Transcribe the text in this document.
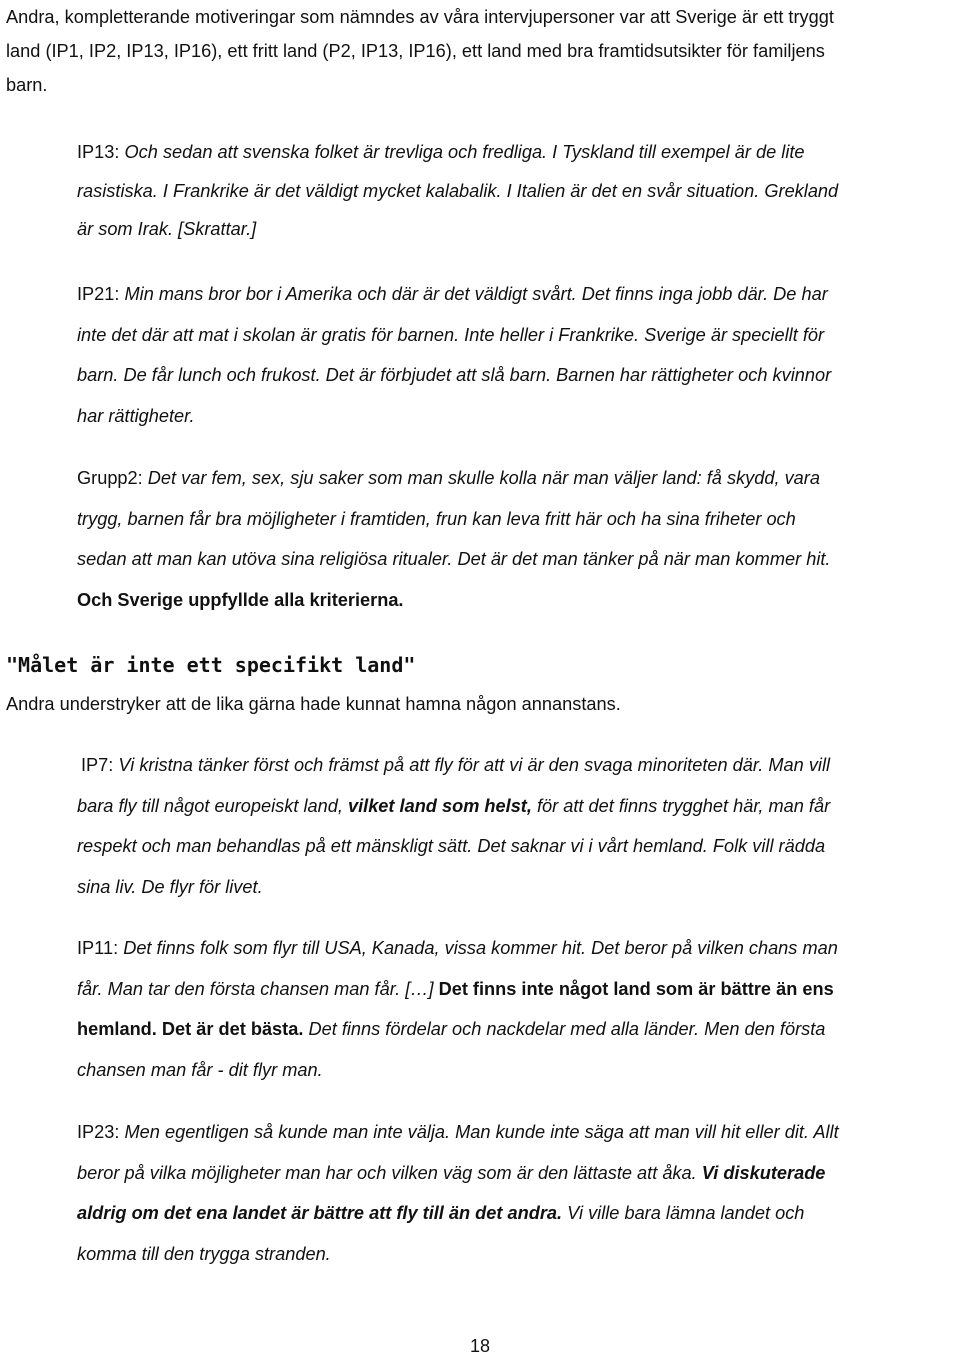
Andra, kompletterande motiveringar som nämndes av våra intervjupersoner var att Sverige är ett tryggt
land (IP1, IP2, IP13, IP16), ett fritt land (P2, IP13, IP16), ett land med bra framtidsutsikter för familjens
barn.
IP13: Och sedan att svenska folket är trevliga och fredliga. I Tyskland till exempel är de lite
rasistiska. I Frankrike är det väldigt mycket kalabalik. I Italien är det en svår situation. Grekland
är som Irak. [Skrattar.]
IP21: Min mans bror bor i Amerika och där är det väldigt svårt. Det finns inga jobb där. De har
inte det där att mat i skolan är gratis för barnen. Inte heller i Frankrike. Sverige är speciellt för
barn. De får lunch och frukost. Det är förbjudet att slå barn. Barnen har rättigheter och kvinnor
har rättigheter.
Grupp2: Det var fem, sex, sju saker som man skulle kolla när man väljer land: få skydd, vara
trygg, barnen får bra möjligheter i framtiden, frun kan leva fritt här och ha sina friheter och
sedan att man kan utöva sina religiösa ritualer. Det är det man tänker på när man kommer hit.
Och Sverige uppfyllde alla kriterierna.
"Målet är inte ett specifikt land"
Andra understryker att de lika gärna hade kunnat hamna någon annanstans.
IP7: Vi kristna tänker först och främst på att fly för att vi är den svaga minoriteten där. Man vill
bara fly till något europeiskt land, vilket land som helst, för att det finns trygghet här, man får
respekt och man behandlas på ett mänskligt sätt. Det saknar vi i vårt hemland. Folk vill rädda
sina liv. De flyr för livet.
IP11: Det finns folk som flyr till USA, Kanada, vissa kommer hit. Det beror på vilken chans man
får. Man tar den första chansen man får. […] Det finns inte något land som är bättre än ens
hemland. Det är det bästa. Det finns fördelar och nackdelar med alla länder. Men den första
chansen man får - dit flyr man.
IP23: Men egentligen så kunde man inte välja. Man kunde inte säga att man vill hit eller dit. Allt
beror på vilka möjligheter man har och vilken väg som är den lättaste att åka. Vi diskuterade
aldrig om det ena landet är bättre att fly till än det andra. Vi ville bara lämna landet och
komma till den trygga stranden.
18
